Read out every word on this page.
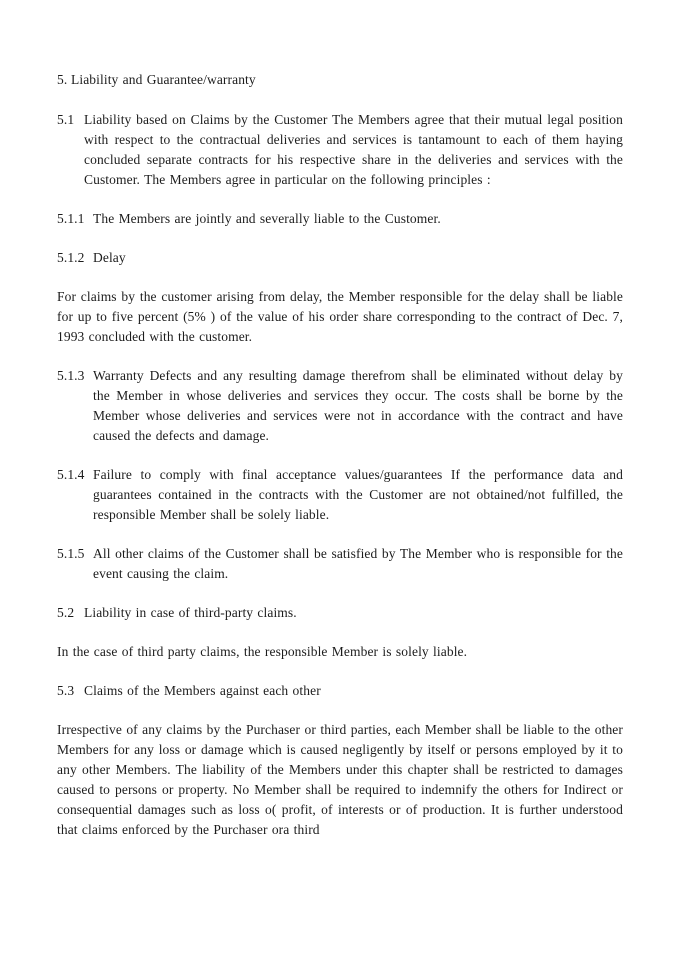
5. Liability and Guarantee/warranty

5.1 Liability based on Claims by the Customer The Members agree that their mutual legal position with respect to the contractual deliveries and services is tantamount to each of them haying concluded separate contracts for his respective share in the deliveries and services with the Customer. The Members agree in particular on the following principles :

5.1.1 The Members are jointly and severally liable to the Customer.

5.1.2 Delay

For claims by the customer arising from delay, the Member responsible for the delay shall be liable for up to five percent (5% ) of the value of his order share corresponding to the contract of Dec. 7, 1993 concluded with the customer.

5.1.3 Warranty Defects and any resulting damage therefrom shall be eliminated without delay by the Member in whose deliveries and services they occur. The costs shall be borne by the Member whose deliveries and services were not in accordance with the contract and have caused the defects and damage.

5.1.4 Failure to comply with final acceptance values/guarantees If the performance data and guarantees contained in the contracts with the Customer are not obtained/not fulfilled, the responsible Member shall be solely liable.

5.1.5 All other claims of the Customer shall be satisfied by The Member who is responsible for the event causing the claim.

5.2 Liability in case of third-party claims.

In the case of third party claims, the responsible Member is solely liable.

5.3 Claims of the Members against each other

Irrespective of any claims by the Purchaser or third parties, each Member shall be liable to the other Members for any loss or damage which is caused negligently by itself or persons employed by it to any other Members. The liability of the Members under this chapter shall be restricted to damages caused to persons or property. No Member shall be required to indemnify the others for Indirect or consequential damages such as loss o( profit, of interests or of production. It is further understood that claims enforced by the Purchaser ora third
